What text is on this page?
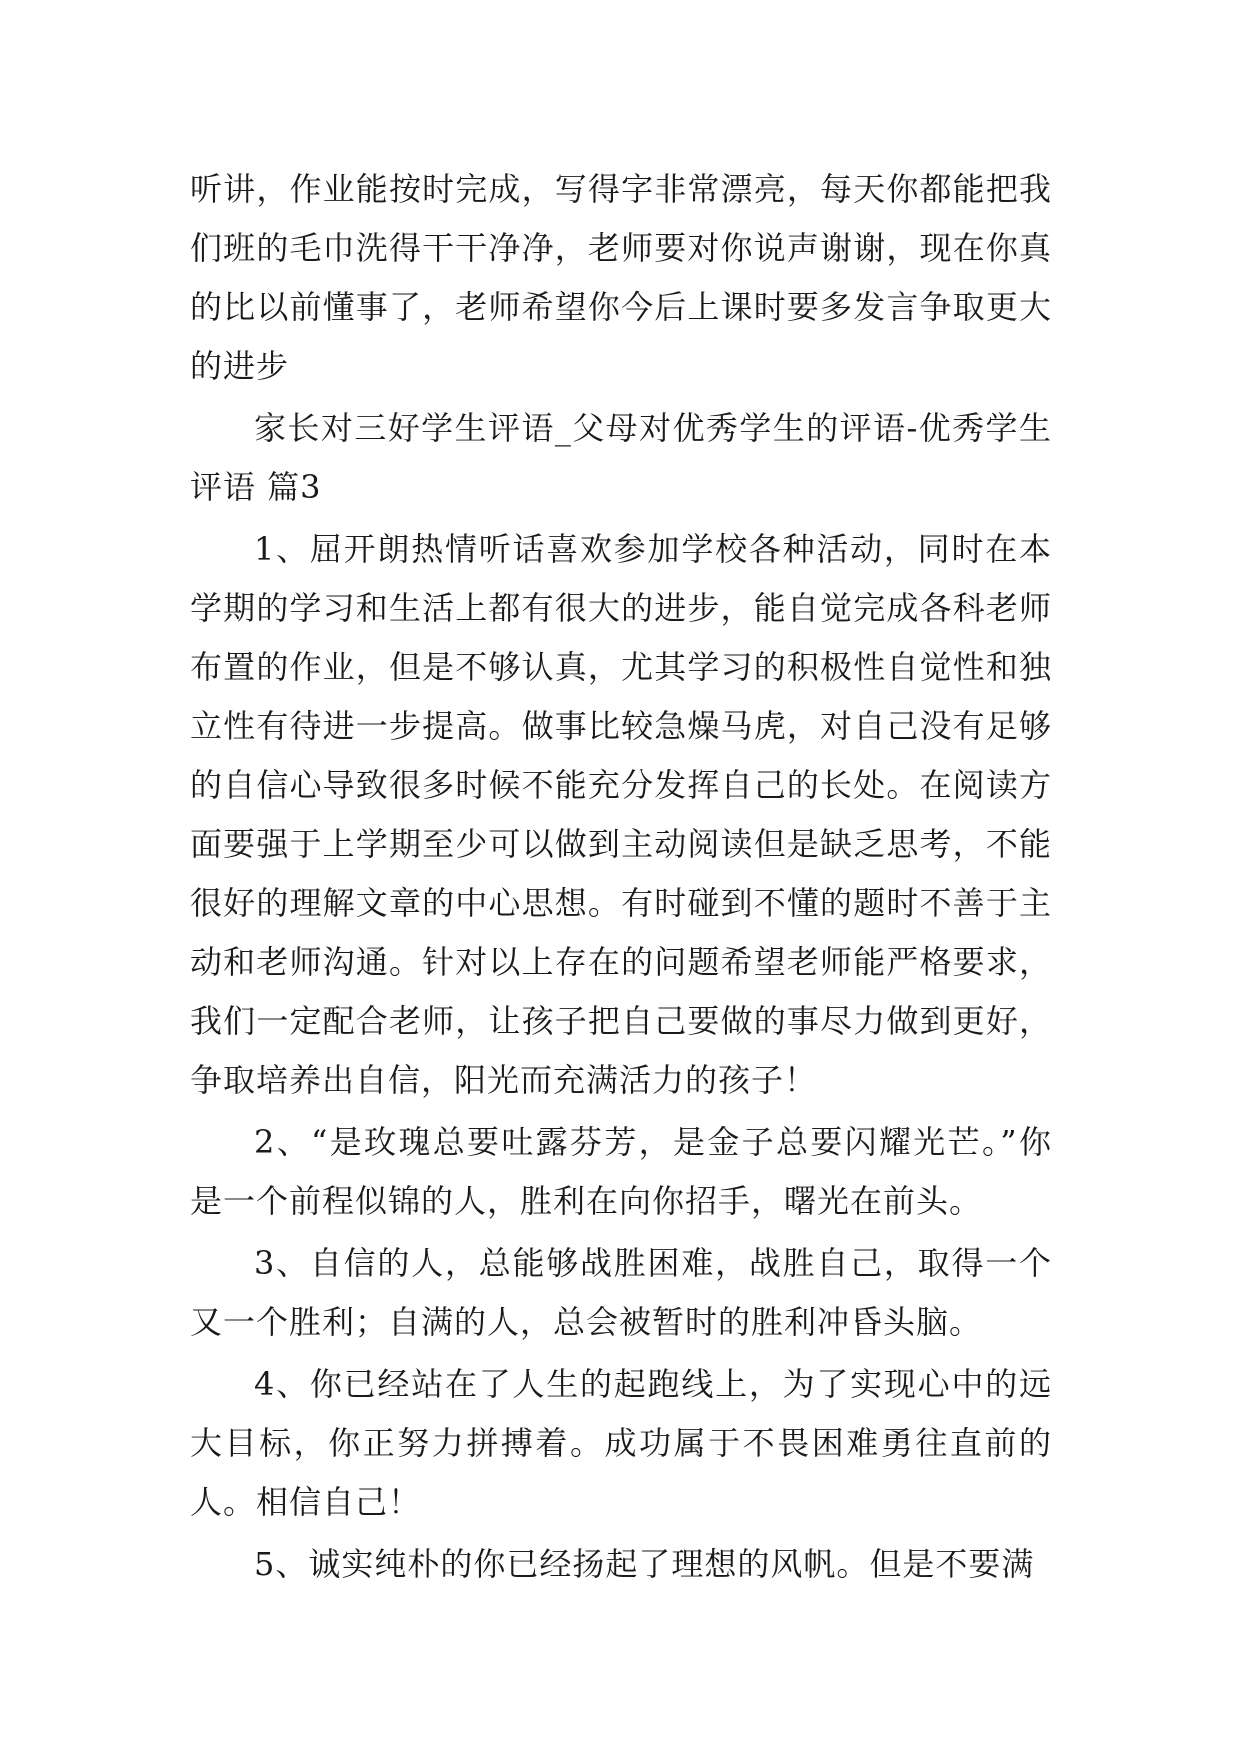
听讲，作业能按时完成，写得字非常漂亮，每天你都能把我们班的毛巾洗得干干净净，老师要对你说声谢谢，现在你真的比以前懂事了，老师希望你今后上课时要多发言争取更大的进步

家长对三好学生评语_父母对优秀学生的评语-优秀学生评语 篇3

1、屈开朗热情听话喜欢参加学校各种活动，同时在本学期的学习和生活上都有很大的进步，能自觉完成各科老师布置的作业，但是不够认真，尤其学习的积极性自觉性和独立性有待进一步提高。做事比较急燥马虎，对自己没有足够的自信心导致很多时候不能充分发挥自己的长处。在阅读方面要强于上学期至少可以做到主动阅读但是缺乏思考，不能很好的理解文章的中心思想。有时碰到不懂的题时不善于主动和老师沟通。针对以上存在的问题希望老师能严格要求，我们一定配合老师，让孩子把自己要做的事尽力做到更好，争取培养出自信，阳光而充满活力的孩子！

2、“是玫瑰总要吐露芬芳，是金子总要闪耀光芒。”你是一个前程似锦的人，胜利在向你招手，曙光在前头。

3、自信的人，总能够战胜困难，战胜自己，取得一个又一个胜利；自满的人，总会被暂时的胜利冲昏头脑。

4、你已经站在了人生的起跑线上，为了实现心中的远大目标，你正努力拼搏着。成功属于不畏困难勇往直前的人。相信自己！

5、诚实纯朴的你已经扬起了理想的风帆。但是不要满
